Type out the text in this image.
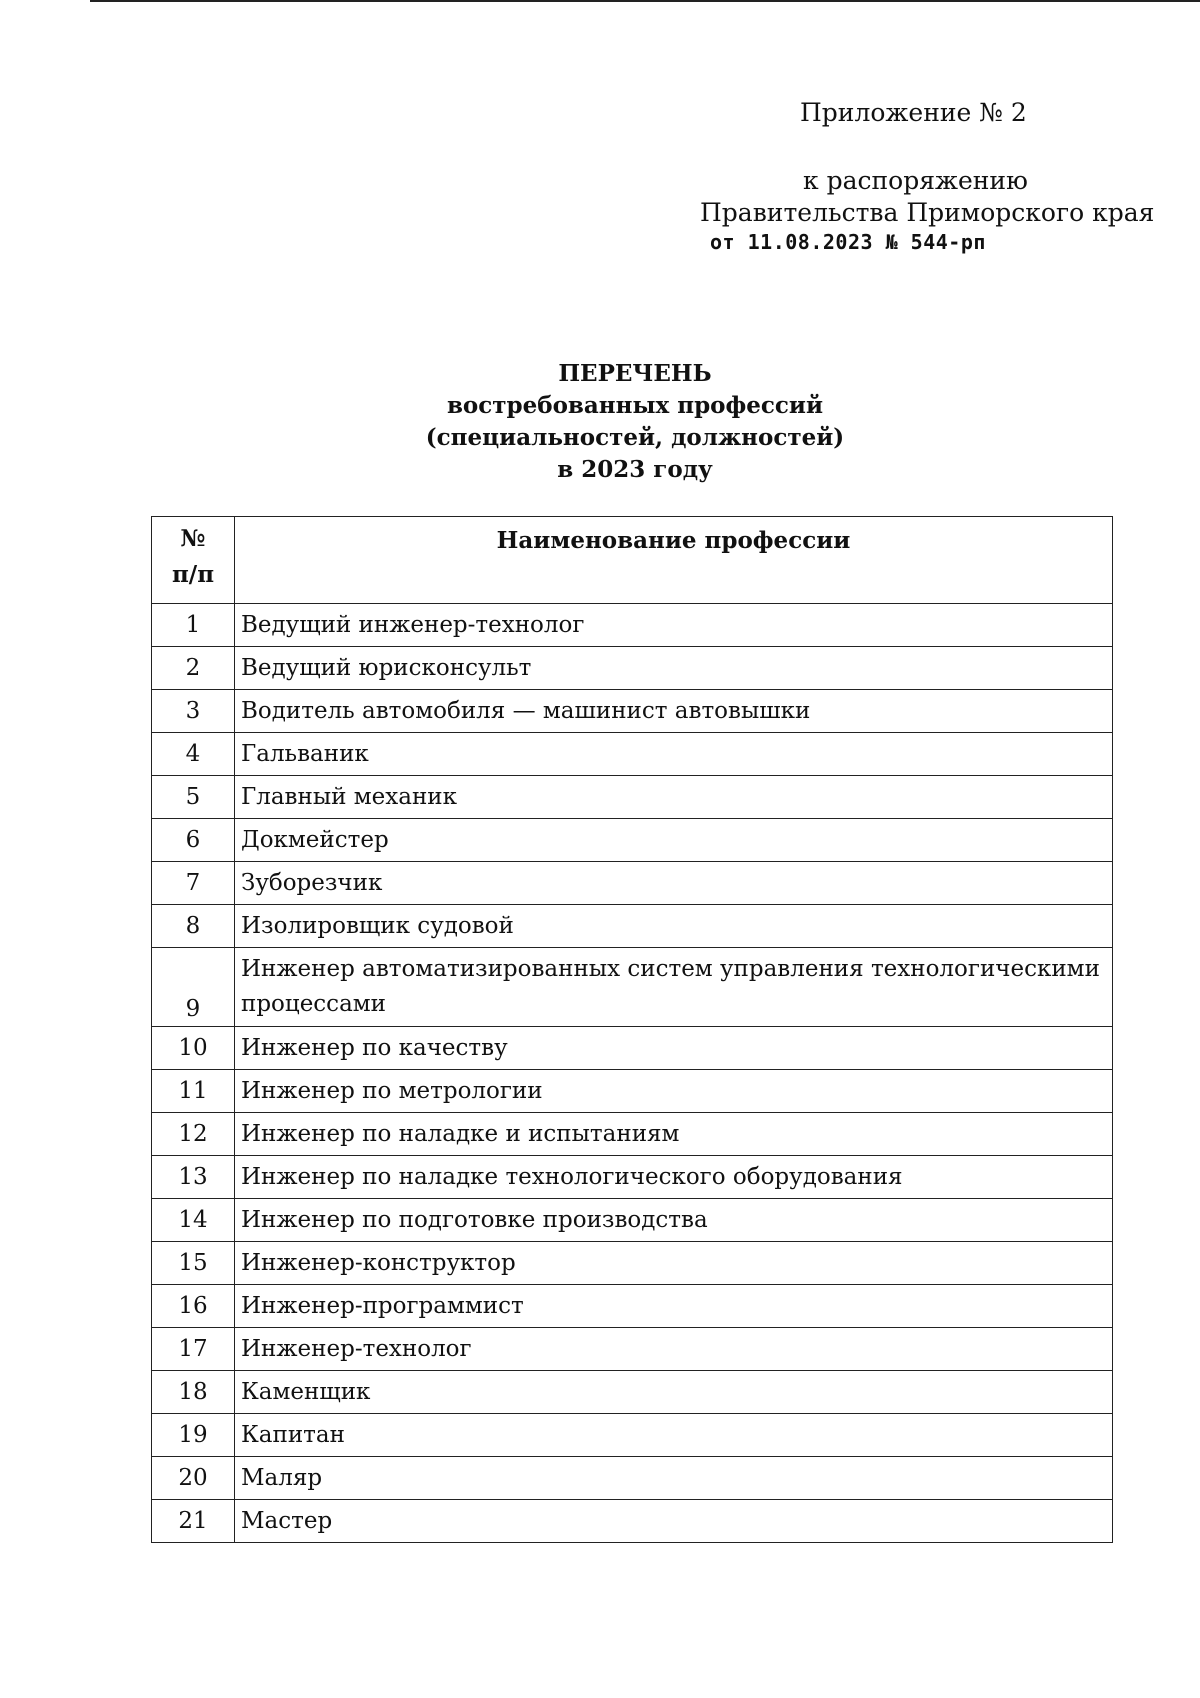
Приложение № 2
к распоряжению
Правительства Приморского края
от 11.08.2023 № 544-рп
ПЕРЕЧЕНЬ
востребованных профессий
(специальностей, должностей)
в 2023 году
№
п/п	Наименование профессии
1	Ведущий инженер-технолог
2	Ведущий юрисконсульт
3	Водитель автомобиля — машинист автовышки
4	Гальваник
5	Главный механик
6	Докмейстер
7	Зуборезчик
8	Изолировщик судовой
9	Инженер автоматизированных систем управления технологическими процессами
10	Инженер по качеству
11	Инженер по метрологии
12	Инженер по наладке и испытаниям
13	Инженер по наладке технологического оборудования
14	Инженер по подготовке производства
15	Инженер-конструктор
16	Инженер-программист
17	Инженер-технолог
18	Каменщик
19	Капитан
20	Маляр
21	Мастер
